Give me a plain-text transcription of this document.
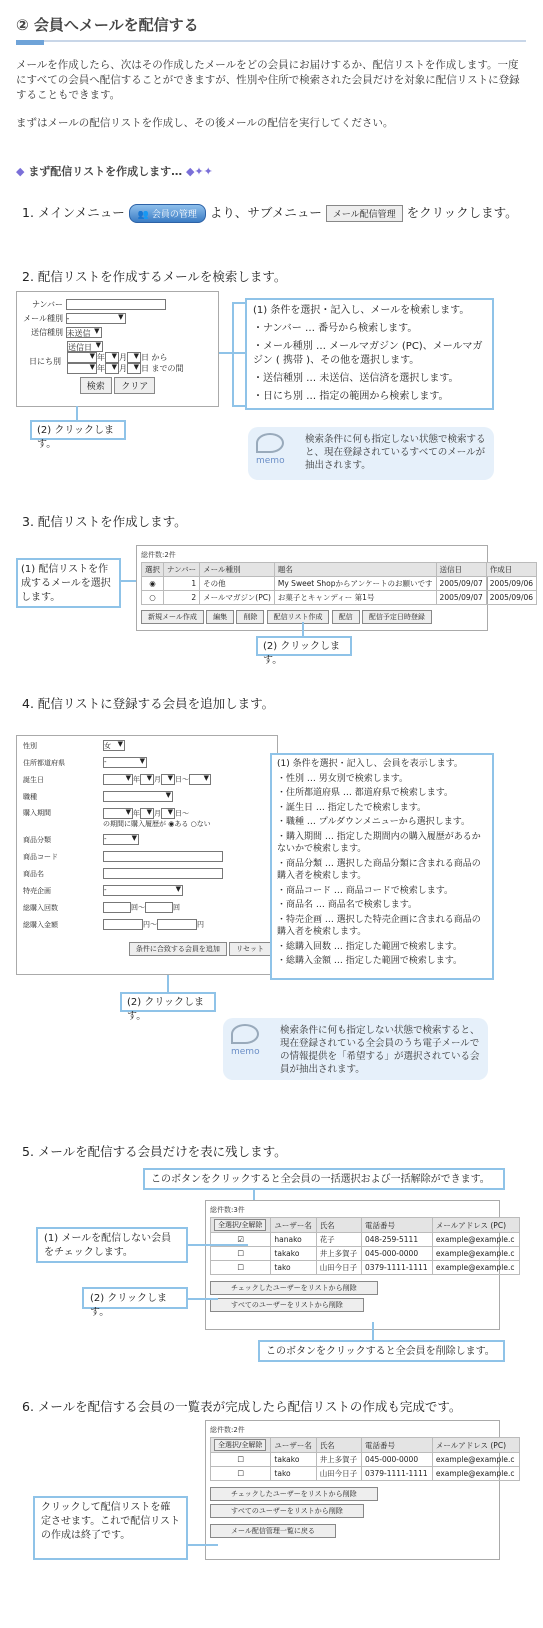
② 会員へメールを配信する
メールを作成したら、次はその作成したメールをどの会員にお届けするか、配信リストを作成します。一度にすべての会員へ配信することができますが、性別や住所で検索された会員だけを対象に配信リストに登録することもできます。
まずはメールの配信リストを作成し、その後メールの配信を実行してください。
◆ まず配信リストを作成します… ◆✦✦
1. メインメニュー 👥 会員の管理 より、サブメニュー メール配信管理 をクリックします。
2. 配信リストを作成するメールを検索します。
ナンバー
メール種別 - ▼
送信種別 未送信 ▼
送信日 ▼
日にち別 ▼	年 ▼ 月 ▼ 日 から
▼年 ▼ 月 ▼ 日 までの間
検索 クリア
(1) 条件を選択・記入し、メールを検索します。
・ナンバー … 番号から検索します。
・メール種別 … メールマガジン (PC)、メールマガジン ( 携帯 )、その他を選択します。
・送信種別 … 未送信、送信済を選択します。
・日にち別 … 指定の範囲から検索します。
(2) クリックします。
memo
検索条件に何も指定しない状態で検索すると、現在登録されているすべてのメールが抽出されます。
3. 配信リストを作成します。
(1) 配信リストを作成するメールを選択します。
総件数:2件
選択	ナンバー	メール種別	題名	送信日	作成日
◉	1	その他	My Sweet Shopからアンケートのお願いです	2005/09/07	2005/09/06
○	2	メールマガジン(PC)	お菓子とキャンディー 第1号	2005/09/07	2005/09/06
新規メール作成 編集 削除 配信リスト作成 配信 配信予定日時登録
(2) クリックします。
4. 配信リストに登録する会員を追加します。
性別	女 ▼
住所都道府県	- ▼
誕生日 ▼	年 ▼ 月 ▼ 日～▼
職種▼
購入期間 ▼	年 ▼ 月 ▼ 日～
の期間に購入履歴が ◉ある ○ない
商品分類	- ▼
商品コード
商品名
特売企画	- ▼
総購入回数	回～	回
総購入金額	円～	円
条件に合致する会員を追加 リセット
(1) 条件を選択・記入し、会員を表示します。
・性別 … 男女別で検索します。
・住所都道府県 … 都道府県で検索します。
・誕生日 … 指定したで検索します。
・職種 … プルダウンメニューから選択します。
・購入期間 … 指定した期間内の購入履歴があるかないかで検索します。
・商品分類 … 選択した商品分類に含まれる商品の購入者を検索します。
・商品コード … 商品コードで検索します。
・商品名 … 商品名で検索します。
・特売企画 … 選択した特売企画に含まれる商品の購入者を検索します。
・総購入回数 … 指定した範囲で検索します。
・総購入金額 … 指定した範囲で検索します。
(2) クリックします。
memo
検索条件に何も指定しない状態で検索すると、現在登録されている全会員のうち電子メールでの情報提供を「希望する」が選択されている会員が抽出されます。
5. メールを配信する会員だけを表に残します。
このボタンをクリックすると全会員の一括選択および一括解除ができます。
総件数:3件
全選択/全解除	ユーザー名	氏名	電話番号	メールアドレス (PC)
☑	hanako	花子	048-259-5111	example@example.c
☐	takako	井上多賀子	045-000-0000	example@example.c
☐	tako	山田今日子	0379-1111-1111	example@example.c
チェックしたユーザーをリストから削除
すべてのユーザーをリストから削除
(1) メールを配信しない会員をチェックします。
(2) クリックします。
このボタンをクリックすると全会員を削除します。
6. メールを配信する会員の一覧表が完成したら配信リストの作成も完成です。
総件数:2件
全選択/全解除	ユーザー名	氏名	電話番号	メールアドレス (PC)
☐	takako	井上多賀子	045-000-0000	example@example.c
☐	tako	山田今日子	0379-1111-1111	example@example.c
チェックしたユーザーをリストから削除
すべてのユーザーをリストから削除
メール配信管理一覧に戻る
クリックして配信リストを確定させます。これで配信リストの作成は終了です。
